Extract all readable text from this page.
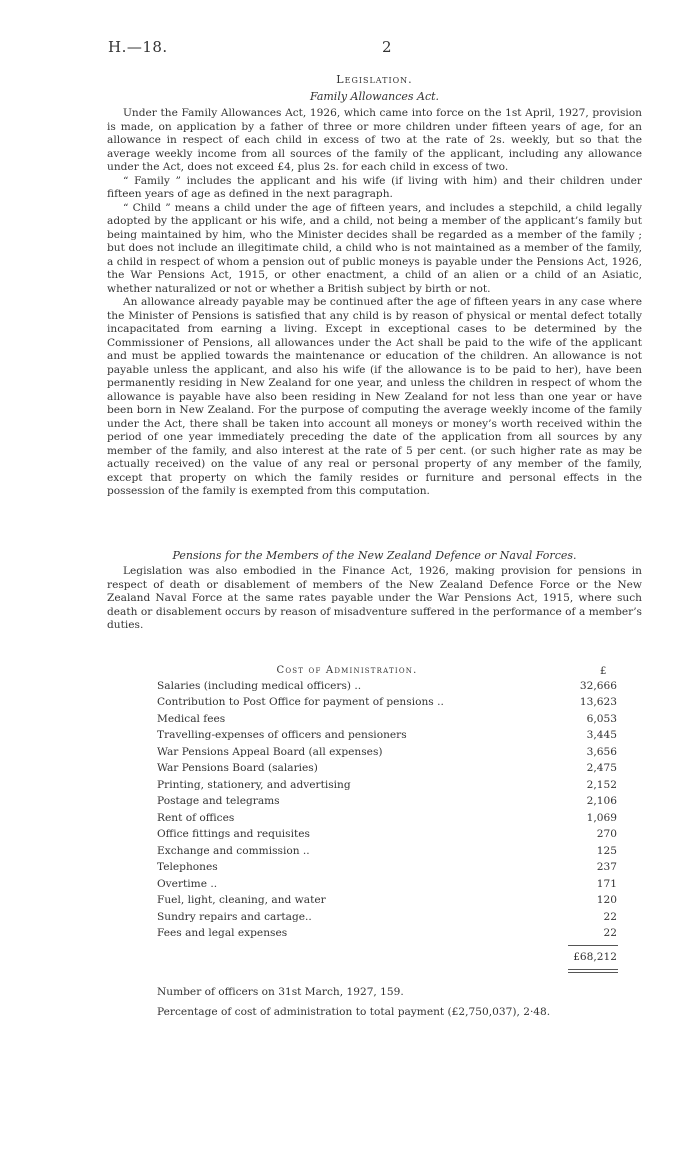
H.—18.	2
Legislation.
Family Allowances Act.

Under the Family Allowances Act, 1926, which came into force on the 1st April, 1927, provision is made, on application by a father of three or more children under fifteen years of age, for an allowance in respect of each child in excess of two at the rate of 2s. weekly, but so that the average weekly income from all sources of the family of the applicant, including any allowance under the Act, does not exceed £4, plus 2s. for each child in excess of two.

“ Family ” includes the applicant and his wife (if living with him) and their children under fifteen years of age as defined in the next paragraph.

“ Child ” means a child under the age of fifteen years, and includes a stepchild, a child legally adopted by the applicant or his wife, and a child, not being a member of the applicant’s family but being maintained by him, who the Minister decides shall be regarded as a member of the family ; but does not include an illegitimate child, a child who is not maintained as a member of the family, a child in respect of whom a pension out of public moneys is payable under the Pensions Act, 1926, the War Pensions Act, 1915, or other enactment, a child of an alien or a child of an Asiatic, whether naturalized or not or whether a British subject by birth or not.

An allowance already payable may be continued after the age of fifteen years in any case where the Minister of Pensions is satisfied that any child is by reason of physical or mental defect totally incapacitated from earning a living. Except in exceptional cases to be determined by the Commissioner of Pensions, all allowances under the Act shall be paid to the wife of the applicant and must be applied towards the maintenance or education of the children. An allowance is not payable unless the applicant, and also his wife (if the allowance is to be paid to her), have been permanently residing in New Zealand for one year, and unless the children in respect of whom the allowance is payable have also been residing in New Zealand for not less than one year or have been born in New Zealand. For the purpose of computing the average weekly income of the family under the Act, there shall be taken into account all moneys or money’s worth received within the period of one year immediately preceding the date of the application from all sources by any member of the family, and also interest at the rate of 5 per cent. (or such higher rate as may be actually received) on the value of any real or personal property of any member of the family, except that property on which the family resides or furniture and personal effects in the possession of the family is exempted from this computation.

Pensions for the Members of the New Zealand Defence or Naval Forces.

Legislation was also embodied in the Finance Act, 1926, making provision for pensions in respect of death or disablement of members of the New Zealand Defence Force or the New Zealand Naval Force at the same rates payable under the War Pensions Act, 1915, where such death or disablement occurs by reason of misadventure suffered in the performance of a member’s duties.

Cost of Administration.	£
Salaries (including medical officers) ..	32,666
Contribution to Post Office for payment of pensions ..	13,623
Medical fees	6,053
Travelling-expenses of officers and pensioners	3,445
War Pensions Appeal Board (all expenses)	3,656
War Pensions Board (salaries)	2,475
Printing, stationery, and advertising	2,152
Postage and telegrams	2,106
Rent of offices	1,069
Office fittings and requisites	270
Exchange and commission ..	125
Telephones	237
Overtime ..	171
Fuel, light, cleaning, and water	120
Sundry repairs and cartage..	22
Fees and legal expenses	22
£68,212
Number of officers on 31st March, 1927, 159.
Percentage of cost of administration to total payment (£2,750,037), 2·48.
